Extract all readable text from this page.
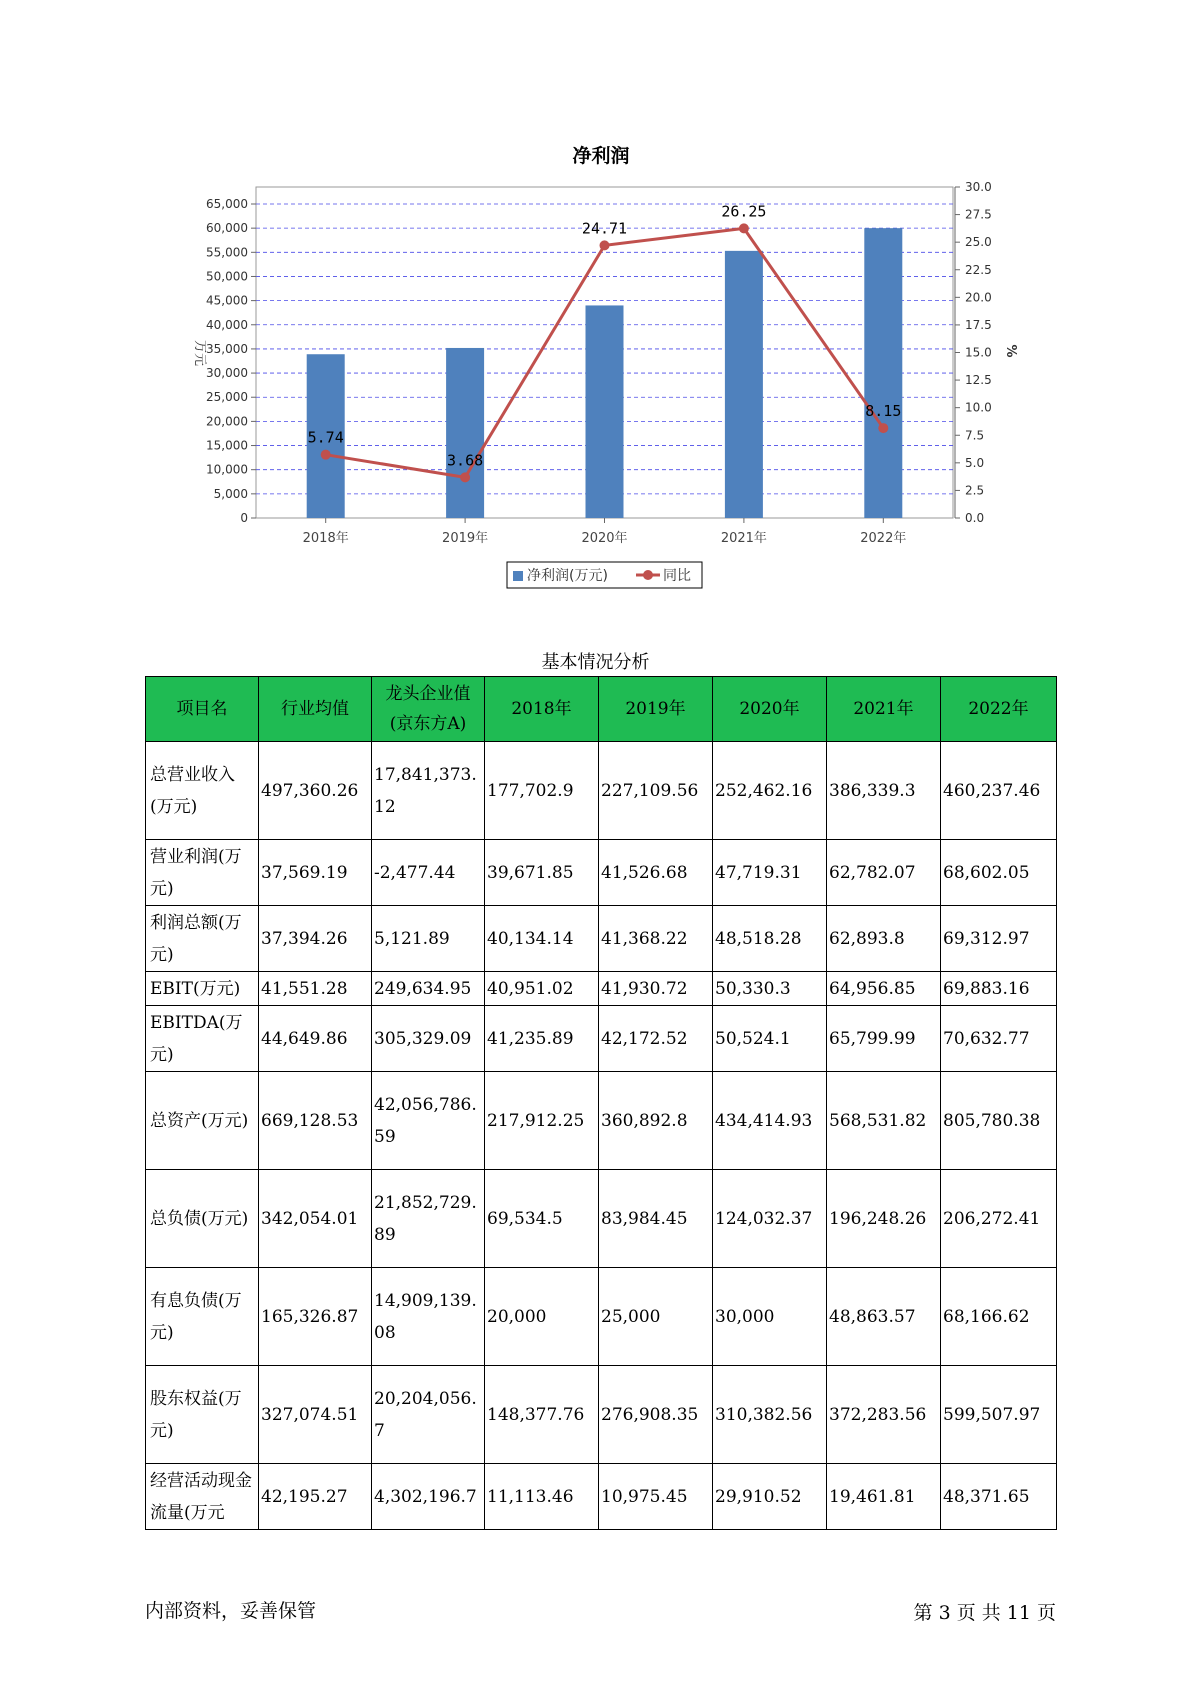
净利润
0
5,000
10,000
15,000
20,000
25,000
30,000
35,000
40,000
45,000
50,000
55,000
60,000
65,000
0.0
2.5
5.0
7.5
10.0
12.5
15.0
17.5
20.0
22.5
25.0
27.5
30.0
万元	%
2018年	2019年	2020年	2021年	2022年
5.74
3.68
24.71
26.25
8.15
净利润(万元)	同比
基本情况分析
项目名	行业均值	龙头企业值(京东方A)	2018年	2019年	2020年	2021年	2022年
总营业收入(万元)	497,360.26	17,841,373.12	177,702.9	227,109.56	252,462.16	386,339.3	460,237.46
营业利润(万元)	37,569.19	-2,477.44	39,671.85	41,526.68	47,719.31	62,782.07	68,602.05
利润总额(万元)	37,394.26	5,121.89	40,134.14	41,368.22	48,518.28	62,893.8	69,312.97
EBIT(万元)	41,551.28	249,634.95	40,951.02	41,930.72	50,330.3	64,956.85	69,883.16
EBITDA(万元)	44,649.86	305,329.09	41,235.89	42,172.52	50,524.1	65,799.99	70,632.77
总资产(万元)	669,128.53	42,056,786.59	217,912.25	360,892.8	434,414.93	568,531.82	805,780.38
总负债(万元)	342,054.01	21,852,729.89	69,534.5	83,984.45	124,032.37	196,248.26	206,272.41
有息负债(万元)	165,326.87	14,909,139.08	20,000	25,000	30,000	48,863.57	68,166.62
股东权益(万元)	327,074.51	20,204,056.7	148,377.76	276,908.35	310,382.56	372,283.56	599,507.97
经营活动现金流量(万元	42,195.27	4,302,196.7	11,113.46	10,975.45	29,910.52	19,461.81	48,371.65
内部资料，妥善保管	第 3 页 共 11 页
